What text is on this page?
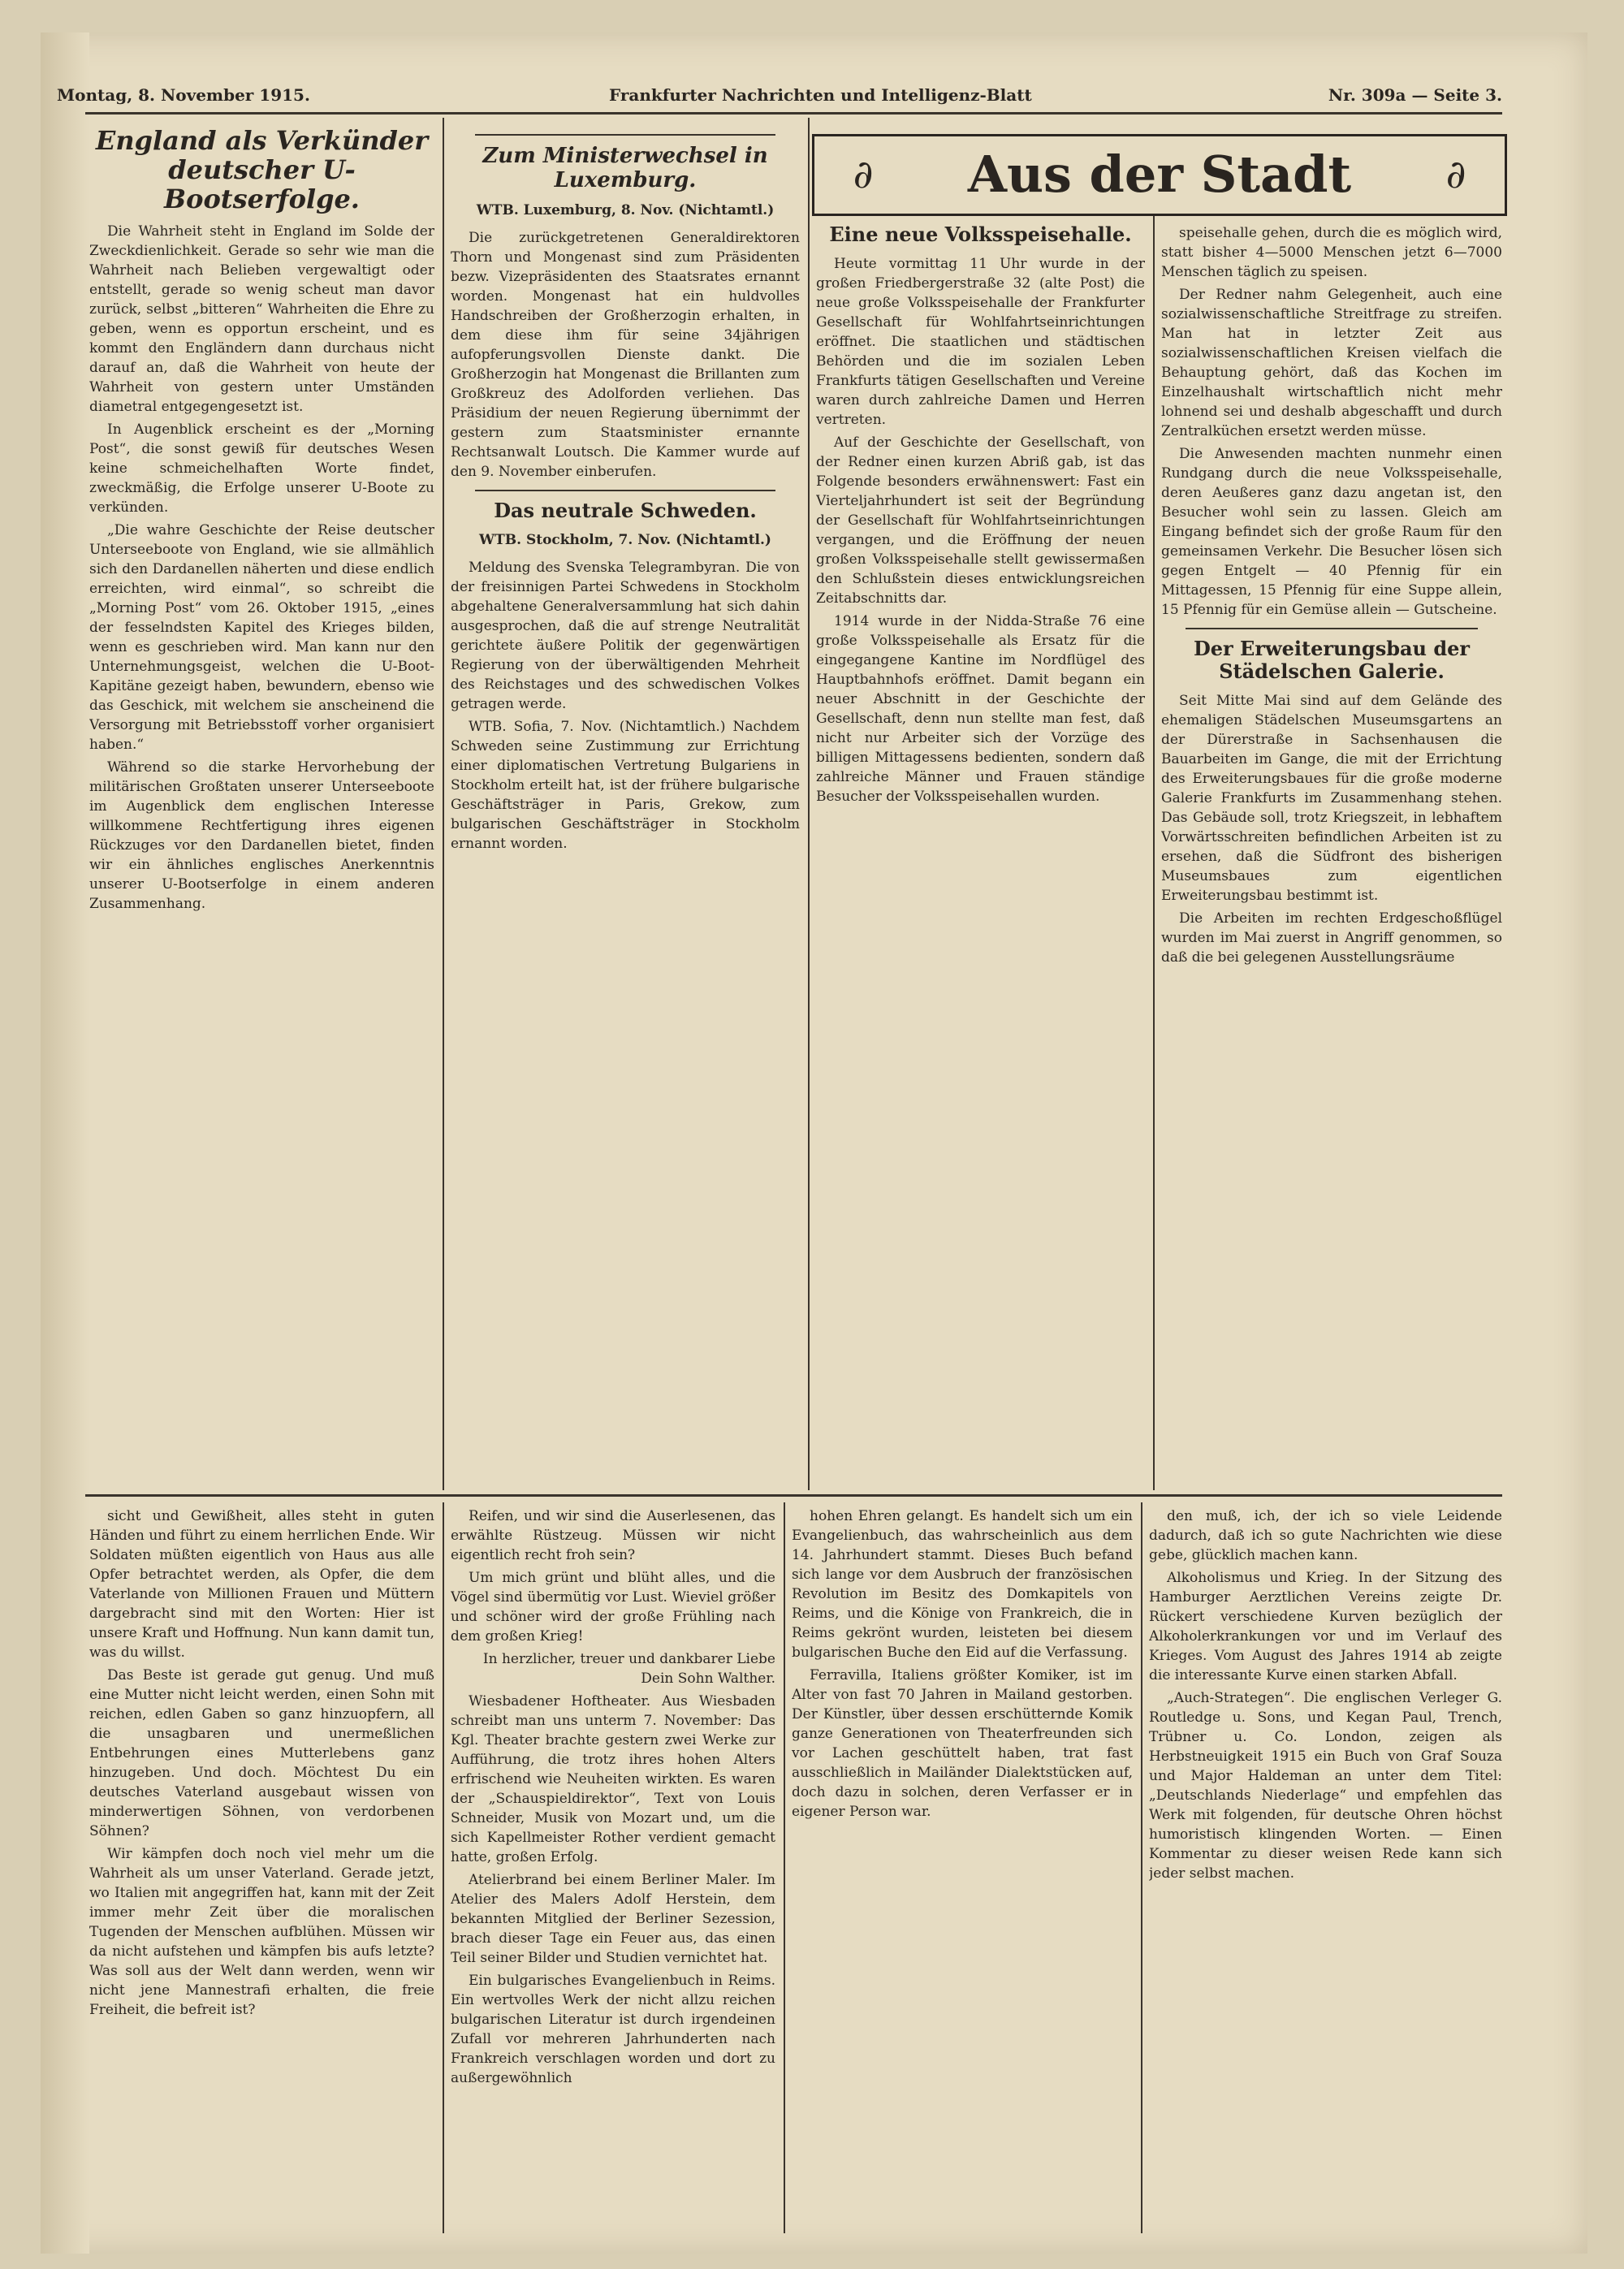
Montag, 8. November 1915.	Frankfurter Nachrichten und Intelligenz-Blatt	Nr. 309a — Seite 3.
∂	Aus der Stadt	∂
England als Verkünder deutscher U-Bootserfolge.

Die Wahrheit steht in England im Solde der Zweckdienlichkeit. Gerade so sehr wie man die Wahrheit nach Belieben vergewaltigt oder entstellt, gerade so wenig scheut man davor zurück, selbst „bitteren“ Wahrheiten die Ehre zu geben, wenn es opportun erscheint, und es kommt den Engländern dann durchaus nicht darauf an, daß die Wahrheit von heute der Wahrheit von gestern unter Umständen diametral entgegengesetzt ist.

In Augenblick erscheint es der „Morning Post“, die sonst gewiß für deutsches Wesen keine schmeichelhaften Worte findet, zweckmäßig, die Erfolge unserer U-Boote zu verkünden.

„Die wahre Geschichte der Reise deutscher Unterseeboote von England, wie sie allmählich sich den Dardanellen näherten und diese endlich erreichten, wird einmal“, so schreibt die „Morning Post“ vom 26. Oktober 1915, „eines der fesselndsten Kapitel des Krieges bilden, wenn es geschrieben wird. Man kann nur den Unternehmungsgeist, welchen die U-Boot-Kapitäne gezeigt haben, bewundern, ebenso wie das Geschick, mit welchem sie anscheinend die Versorgung mit Betriebsstoff vorher organisiert haben.“

Während so die starke Hervorhebung der militärischen Großtaten unserer Unterseeboote im Augenblick dem englischen Interesse willkommene Rechtfertigung ihres eigenen Rückzuges vor den Dardanellen bietet, finden wir ein ähnliches englisches Anerkenntnis unserer U-Bootserfolge in einem anderen Zusammenhang.

Zum Ministerwechsel in Luxemburg.
WTB. Luxemburg, 8. Nov. (Nichtamtl.)

Die zurückgetretenen Generaldirektoren Thorn und Mongenast sind zum Präsidenten bezw. Vizepräsidenten des Staatsrates ernannt worden. Mongenast hat ein huldvolles Handschreiben der Großherzogin erhalten, in dem diese ihm für seine 34jährigen aufopferungsvollen Dienste dankt. Die Großherzogin hat Mongenast die Brillanten zum Großkreuz des Adolforden verliehen. Das Präsidium der neuen Regierung übernimmt der gestern zum Staatsminister ernannte Rechtsanwalt Loutsch. Die Kammer wurde auf den 9. November einberufen.

Das neutrale Schweden.
WTB. Stockholm, 7. Nov. (Nichtamtl.)

Meldung des Svenska Telegrambyran. Die von der freisinnigen Partei Schwedens in Stockholm abgehaltene Generalversammlung hat sich dahin ausgesprochen, daß die auf strenge Neutralität gerichtete äußere Politik der gegenwärtigen Regierung von der überwältigenden Mehrheit des Reichstages und des schwedischen Volkes getragen werde.

WTB. Sofia, 7. Nov. (Nichtamtlich.) Nachdem Schweden seine Zustimmung zur Errichtung einer diplomatischen Vertretung Bulgariens in Stockholm erteilt hat, ist der frühere bulgarische Geschäftsträger in Paris, Grekow, zum bulgarischen Geschäftsträger in Stockholm ernannt worden.

Eine neue Volksspeisehalle.

Heute vormittag 11 Uhr wurde in der großen Friedbergerstraße 32 (alte Post) die neue große Volksspeisehalle der Frankfurter Gesellschaft für Wohlfahrtseinrichtungen eröffnet. Die staatlichen und städtischen Behörden und die im sozialen Leben Frankfurts tätigen Gesellschaften und Vereine waren durch zahlreiche Damen und Herren vertreten.

Auf der Geschichte der Gesellschaft, von der Redner einen kurzen Abriß gab, ist das Folgende besonders erwähnenswert: Fast ein Vierteljahrhundert ist seit der Begründung der Gesellschaft für Wohlfahrtseinrichtungen vergangen, und die Eröffnung der neuen großen Volksspeisehalle stellt gewissermaßen den Schlußstein dieses entwicklungsreichen Zeitabschnitts dar.

1914 wurde in der Nidda-Straße 76 eine große Volksspeisehalle als Ersatz für die eingegangene Kantine im Nordflügel des Hauptbahnhofs eröffnet. Damit begann ein neuer Abschnitt in der Geschichte der Gesellschaft, denn nun stellte man fest, daß nicht nur Arbeiter sich der Vorzüge des billigen Mittagessens bedienten, sondern daß zahlreiche Männer und Frauen ständige Besucher der Volksspeisehallen wurden.

speisehalle gehen, durch die es möglich wird, statt bisher 4—5000 Menschen jetzt 6—7000 Menschen täglich zu speisen.

Der Redner nahm Gelegenheit, auch eine sozialwissenschaftliche Streitfrage zu streifen. Man hat in letzter Zeit aus sozialwissenschaftlichen Kreisen vielfach die Behauptung gehört, daß das Kochen im Einzelhaushalt wirtschaftlich nicht mehr lohnend sei und deshalb abgeschafft und durch Zentralküchen ersetzt werden müsse.

Die Anwesenden machten nunmehr einen Rundgang durch die neue Volksspeisehalle, deren Aeußeres ganz dazu angetan ist, den Besucher wohl sein zu lassen. Gleich am Eingang befindet sich der große Raum für den gemeinsamen Verkehr. Die Besucher lösen sich gegen Entgelt — 40 Pfennig für ein Mittagessen, 15 Pfennig für eine Suppe allein, 15 Pfennig für ein Gemüse allein — Gutscheine.

Der Erweiterungsbau der Städelschen Galerie.

Seit Mitte Mai sind auf dem Gelände des ehemaligen Städelschen Museumsgartens an der Dürerstraße in Sachsenhausen die Bauarbeiten im Gange, die mit der Errichtung des Erweiterungsbaues für die große moderne Galerie Frankfurts im Zusammenhang stehen. Das Gebäude soll, trotz Kriegszeit, in lebhaftem Vorwärtsschreiten befindlichen Arbeiten ist zu ersehen, daß die Südfront des bisherigen Museumsbaues zum eigentlichen Erweiterungsbau bestimmt ist.

Die Arbeiten im rechten Erdgeschoßflügel wurden im Mai zuerst in Angriff genommen, so daß die bei gelegenen Ausstellungsräume

sicht und Gewißheit, alles steht in guten Händen und führt zu einem herrlichen Ende. Wir Soldaten müßten eigentlich von Haus aus alle Opfer betrachtet werden, als Opfer, die dem Vaterlande von Millionen Frauen und Müttern dargebracht sind mit den Worten: Hier ist unsere Kraft und Hoffnung. Nun kann damit tun, was du willst.

Das Beste ist gerade gut genug. Und muß eine Mutter nicht leicht werden, einen Sohn mit reichen, edlen Gaben so ganz hinzuopfern, all die unsagbaren und unermeßlichen Entbehrungen eines Mutterlebens ganz hinzugeben. Und doch. Möchtest Du ein deutsches Vaterland ausgebaut wissen von minderwertigen Söhnen, von verdorbenen Söhnen?

Wir kämpfen doch noch viel mehr um die Wahrheit als um unser Vaterland. Gerade jetzt, wo Italien mit angegriffen hat, kann mit der Zeit immer mehr Zeit über die moralischen Tugenden der Menschen aufblühen. Müssen wir da nicht aufstehen und kämpfen bis aufs letzte? Was soll aus der Welt dann werden, wenn wir nicht jene Mannestrafi erhalten, die freie Freiheit, die befreit ist?

Reifen, und wir sind die Auserlesenen, das erwählte Rüstzeug. Müssen wir nicht eigentlich recht froh sein?

Um mich grünt und blüht alles, und die Vögel sind übermütig vor Lust. Wieviel größer und schöner wird der große Frühling nach dem großen Krieg!

In herzlicher, treuer und dankbarer Liebe Dein Sohn Walther.

Wiesbadener Hoftheater. Aus Wiesbaden schreibt man uns unterm 7. November: Das Kgl. Theater brachte gestern zwei Werke zur Aufführung, die trotz ihres hohen Alters erfrischend wie Neuheiten wirkten. Es waren der „Schauspieldirektor“, Text von Louis Schneider, Musik von Mozart und, um die sich Kapellmeister Rother verdient gemacht hatte, großen Erfolg.

Atelierbrand bei einem Berliner Maler. Im Atelier des Malers Adolf Herstein, dem bekannten Mitglied der Berliner Sezession, brach dieser Tage ein Feuer aus, das einen Teil seiner Bilder und Studien vernichtet hat.

Ein bulgarisches Evangelienbuch in Reims. Ein wertvolles Werk der nicht allzu reichen bulgarischen Literatur ist durch irgendeinen Zufall vor mehreren Jahrhunderten nach Frankreich verschlagen worden und dort zu außergewöhnlich

hohen Ehren gelangt. Es handelt sich um ein Evangelienbuch, das wahrscheinlich aus dem 14. Jahrhundert stammt. Dieses Buch befand sich lange vor dem Ausbruch der französischen Revolution im Besitz des Domkapitels von Reims, und die Könige von Frankreich, die in Reims gekrönt wurden, leisteten bei diesem bulgarischen Buche den Eid auf die Verfassung.

Ferravilla, Italiens größter Komiker, ist im Alter von fast 70 Jahren in Mailand gestorben. Der Künstler, über dessen erschütternde Komik ganze Generationen von Theaterfreunden sich vor Lachen geschüttelt haben, trat fast ausschließlich in Mailänder Dialektstücken auf, doch dazu in solchen, deren Verfasser er in eigener Person war.

den muß, ich, der ich so viele Leidende dadurch, daß ich so gute Nachrichten wie diese gebe, glücklich machen kann.

Alkoholismus und Krieg. In der Sitzung des Hamburger Aerztlichen Vereins zeigte Dr. Rückert verschiedene Kurven bezüglich der Alkoholerkrankungen vor und im Verlauf des Krieges. Vom August des Jahres 1914 ab zeigte die interessante Kurve einen starken Abfall.

„Auch-Strategen“. Die englischen Verleger G. Routledge u. Sons, und Kegan Paul, Trench, Trübner u. Co. London, zeigen als Herbstneuigkeit 1915 ein Buch von Graf Souza und Major Haldeman an unter dem Titel: „Deutschlands Niederlage“ und empfehlen das Werk mit folgenden, für deutsche Ohren höchst humoristisch klingenden Worten. — Einen Kommentar zu dieser weisen Rede kann sich jeder selbst machen.
